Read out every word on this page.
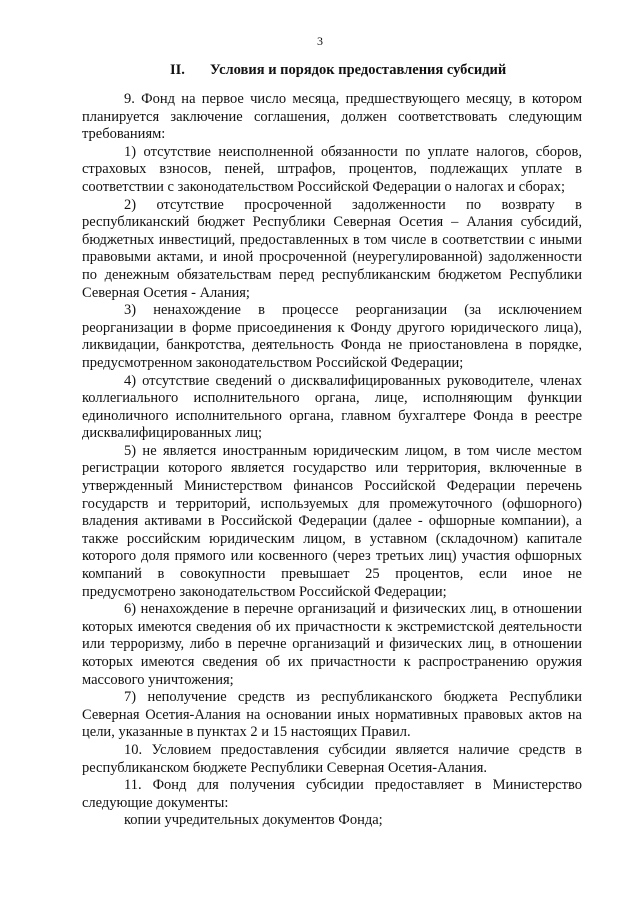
3
II. Условия и порядок предоставления субсидий

9. Фонд на первое число месяца, предшествующего месяцу, в котором планируется заключение соглашения, должен соответствовать следующим требованиям:

1) отсутствие неисполненной обязанности по уплате налогов, сборов, страховых взносов, пеней, штрафов, процентов, подлежащих уплате в соответствии с законодательством Российской Федерации о налогах и сборах;

2) отсутствие просроченной задолженности по возврату в республиканский бюджет Республики Северная Осетия – Алания субсидий, бюджетных инвестиций, предоставленных в том числе в соответствии с иными правовыми актами, и иной просроченной (неурегулированной) задолженности по денежным обязательствам перед республиканским бюджетом Республики Северная Осетия - Алания;

3) ненахождение в процессе реорганизации (за исключением реорганизации в форме присоединения к Фонду другого юридического лица), ликвидации, банкротства, деятельность Фонда не приостановлена в порядке, предусмотренном законодательством Российской Федерации;

4) отсутствие сведений о дисквалифицированных руководителе, членах коллегиального исполнительного органа, лице, исполняющим функции единоличного исполнительного органа, главном бухгалтере Фонда в реестре дисквалифицированных лиц;

5) не является иностранным юридическим лицом, в том числе местом регистрации которого является государство или территория, включенные в утвержденный Министерством финансов Российской Федерации перечень государств и территорий, используемых для промежуточного (офшорного) владения активами в Российской Федерации (далее - офшорные компании), а также российским юридическим лицом, в уставном (складочном) капитале которого доля прямого или косвенного (через третьих лиц) участия офшорных компаний в совокупности превышает 25 процентов, если иное не предусмотрено законодательством Российской Федерации;

6) ненахождение в перечне организаций и физических лиц, в отношении которых имеются сведения об их причастности к экстремистской деятельности или терроризму, либо в перечне организаций и физических лиц, в отношении которых имеются сведения об их причастности к распространению оружия массового уничтожения;

7) неполучение средств из республиканского бюджета Республики Северная Осетия-Алания на основании иных нормативных правовых актов на цели, указанные в пунктах 2 и 15 настоящих Правил.

10. Условием предоставления субсидии является наличие средств в республиканском бюджете Республики Северная Осетия-Алания.

11. Фонд для получения субсидии предоставляет в Министерство следующие документы:

копии учредительных документов Фонда;
